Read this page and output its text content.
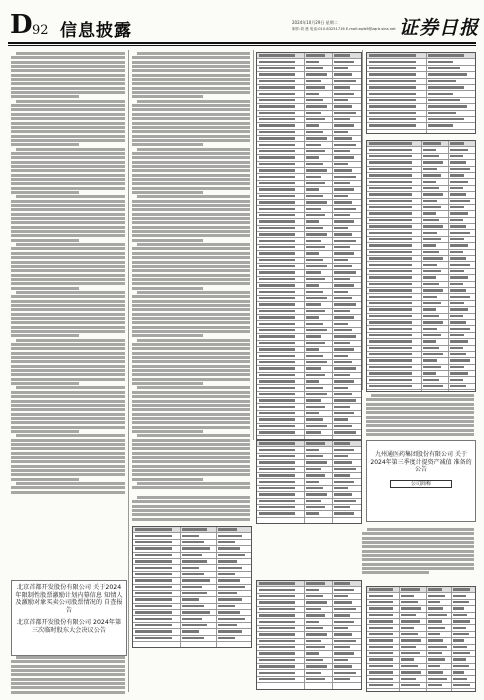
D 92 信息披露	2024年10月29日 星期二
制作:刘 晨 电话:010-83251716 E-mail:zqrb9@zqrb.sina.net 证券日报
北京首都开发股份有限公司 关于2024年限制性股票激励计划内幕信息 知情人及激励对象买卖公司股票情况的 自查报告
北京首都开发股份有限公司 2024年第三次临时股东大会决议公告
九州通医药集团股份有限公司 关于2024年第三季度计提资产减值 准备的公告
公司简称
